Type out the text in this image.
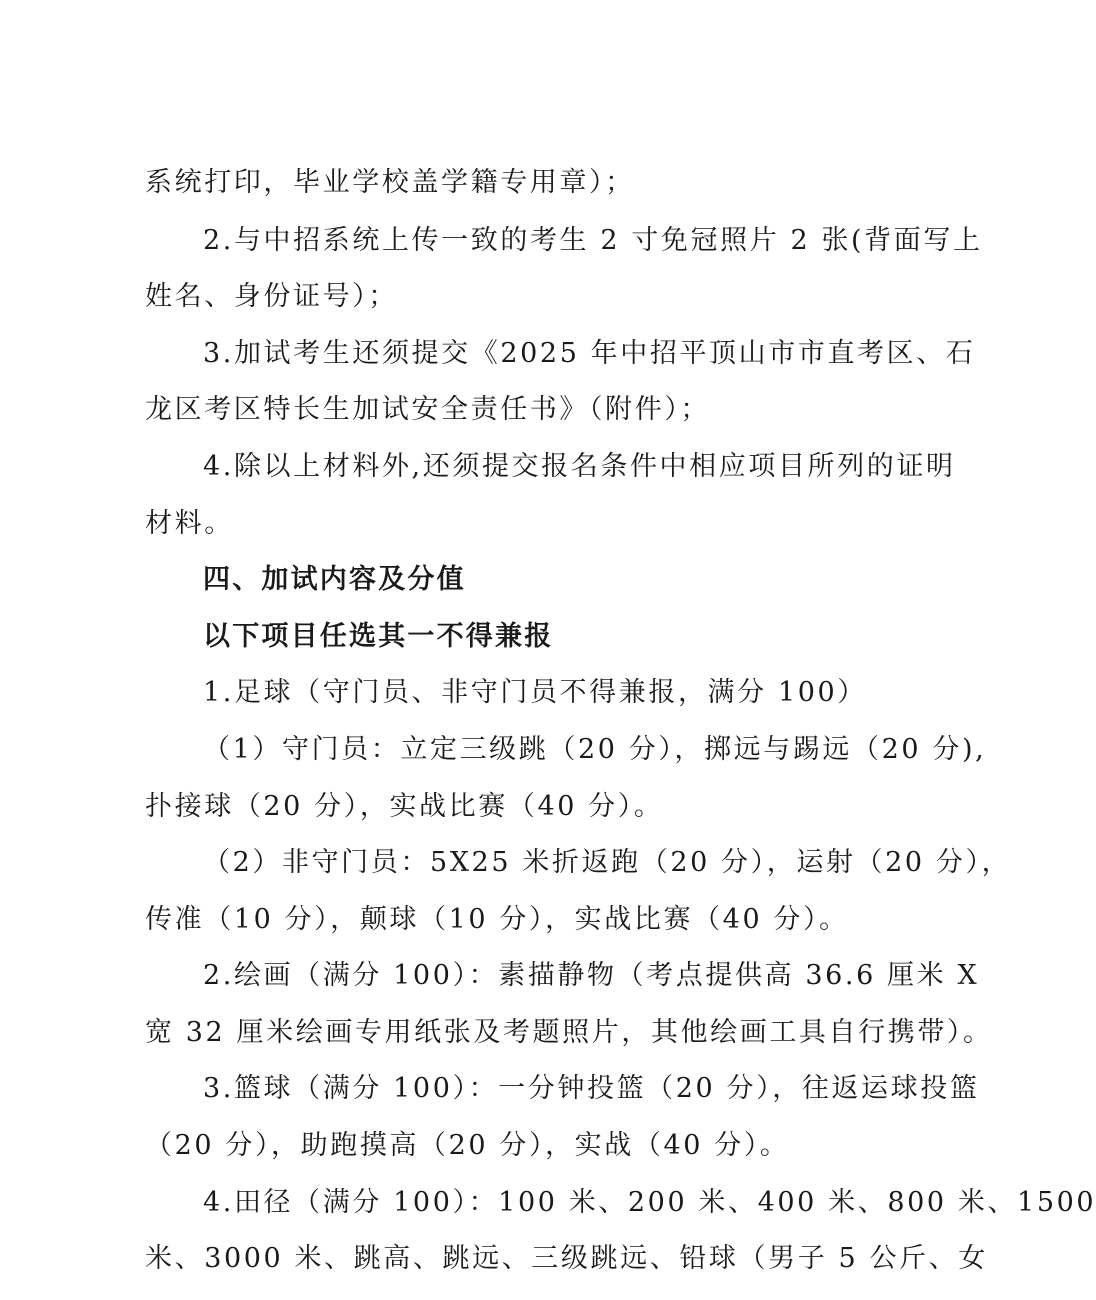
系统打印，毕业学校盖学籍专用章）；
2.与中招系统上传一致的考生 2 寸免冠照片 2 张(背面写上
姓名、身份证号）；
3.加试考生还须提交《2025 年中招平顶山市市直考区、石
龙区考区特长生加试安全责任书》（附件）；
4.除以上材料外,还须提交报名条件中相应项目所列的证明
材料。
四、加试内容及分值
以下项目任选其一不得兼报
1.足球（守门员、非守门员不得兼报，满分 100）
（1）守门员：立定三级跳（20 分），掷远与踢远（20 分),
扑接球（20 分），实战比赛（40 分）。
（2）非守门员：5X25 米折返跑（20 分），运射（20 分），
传准（10 分），颠球（10 分），实战比赛（40 分）。
2.绘画（满分 100）：素描静物（考点提供高 36.6 厘米 X
宽 32 厘米绘画专用纸张及考题照片，其他绘画工具自行携带）。
3.篮球（满分 100）：一分钟投篮（20 分），往返运球投篮
（20 分），助跑摸高（20 分），实战（40 分）。
4.田径（满分 100）：100 米、200 米、400 米、800 米、1500
米、3000 米、跳高、跳远、三级跳远、铅球（男子 5 公斤、女
